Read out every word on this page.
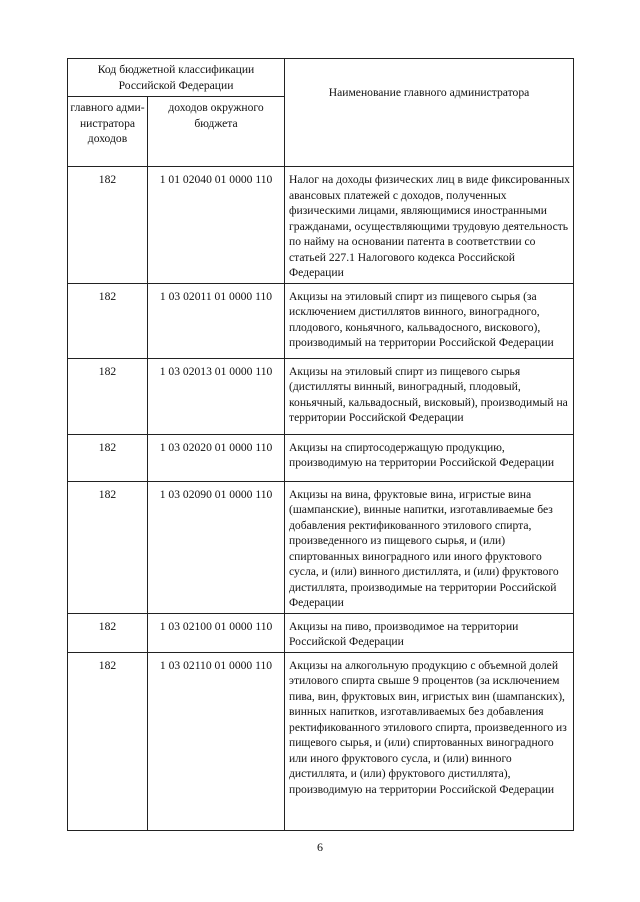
Код бюджетной классификации Российской Федерации		Наименование главного администратора
главного адми-нистратора доходов	доходов окружного бюджета	
182	1 01 02040 01 0000 110	Налог на доходы физических лиц в виде фиксированных авансовых платежей с доходов, полученных физическими лицами, являющимися иностранными гражданами, осуществляющими трудовую деятельность по найму на основании патента в соответствии со статьей 227.1 Налогового кодекса Российской Федерации
182	1 03 02011 01 0000 110	Акцизы на этиловый спирт из пищевого сырья (за исключением дистиллятов винного, виноградного, плодового, коньячного, кальвадосного, вискового), производимый на территории Российской Федерации
182	1 03 02013 01 0000 110	Акцизы на этиловый спирт из пищевого сырья (дистилляты винный, виноградный, плодовый, коньячный, кальвадосный, висковый), производимый на территории Российской Федерации
182	1 03 02020 01 0000 110	Акцизы на спиртосодержащую продукцию, производимую на территории Российской Федерации
182	1 03 02090 01 0000 110	Акцизы на вина, фруктовые вина, игристые вина (шампанские), винные напитки, изготавливаемые без добавления ректификованного этилового спирта, произведенного из пищевого сырья, и (или) спиртованных виноградного или иного фруктового сусла, и (или) винного дистиллята, и (или) фруктового дистиллята, производимые на территории Российской Федерации
182	1 03 02100 01 0000 110	Акцизы на пиво, производимое на территории Российской Федерации
182	1 03 02110 01 0000 110	Акцизы на алкогольную продукцию с объемной долей этилового спирта свыше 9 процентов (за исключением пива, вин, фруктовых вин, игристых вин (шампанских), винных напитков, изготавливаемых без добавления ректификованного этилового спирта, произведенного из пищевого сырья, и (или) спиртованных виноградного или иного фруктового сусла, и (или) винного дистиллята, и (или) фруктового дистиллята), производимую на территории Российской Федерации
6
